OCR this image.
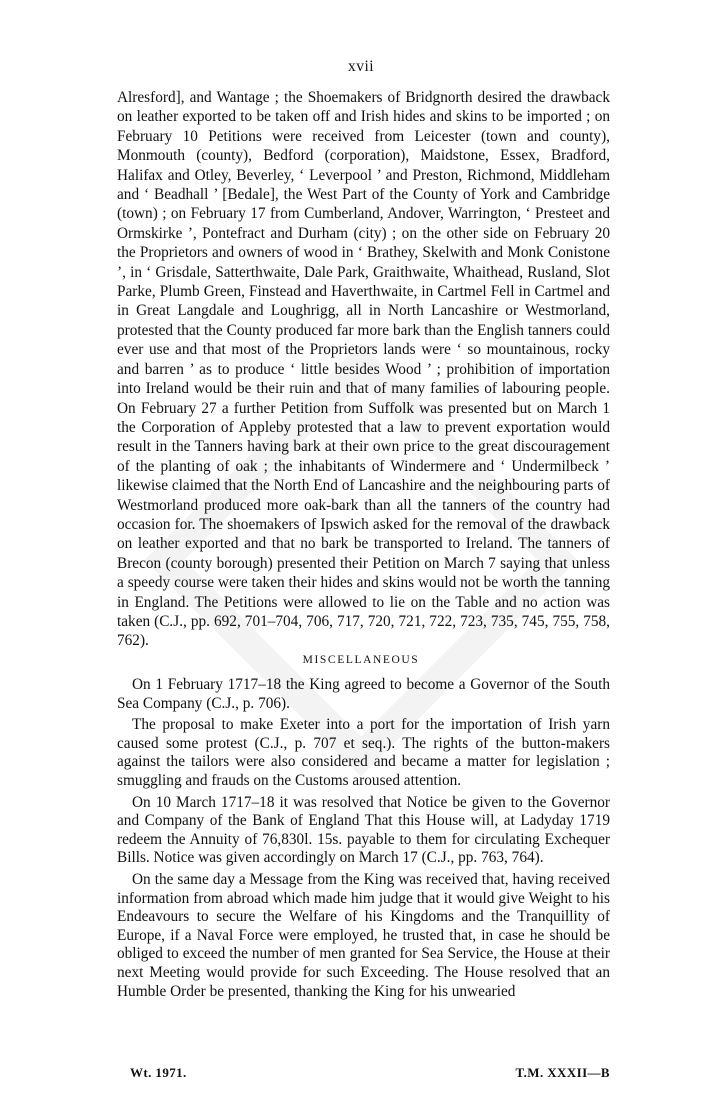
xvii

Alresford], and Wantage ; the Shoemakers of Bridgnorth desired the drawback on leather exported to be taken off and Irish hides and skins to be imported ; on February 10 Petitions were received from Leicester (town and county), Monmouth (county), Bedford (corporation), Maidstone, Essex, Bradford, Halifax and Otley, Beverley, ‘ Leverpool ’ and Preston, Richmond, Middleham and ‘ Beadhall ’ [Bedale], the West Part of the County of York and Cambridge (town) ; on February 17 from Cumberland, Andover, Warrington, ‘ Presteet and Ormskirke ’, Pontefract and Durham (city) ; on the other side on February 20 the Proprietors and owners of wood in ‘ Brathey, Skelwith and Monk Conistone ’, in ‘ Grisdale, Satterthwaite, Dale Park, Graithwaite, Whaithead, Rusland, Slot Parke, Plumb Green, Finstead and Haverthwaite, in Cartmel Fell in Cartmel and in Great Langdale and Loughrigg, all in North Lancashire or Westmorland, protested that the County produced far more bark than the English tanners could ever use and that most of the Proprietors lands were ‘ so mountainous, rocky and barren ’ as to produce ‘ little besides Wood ’ ; prohibition of importation into Ireland would be their ruin and that of many families of labouring people. On February 27 a further Petition from Suffolk was presented but on March 1 the Corporation of Appleby protested that a law to prevent exportation would result in the Tanners having bark at their own price to the great discouragement of the planting of oak ; the inhabitants of Windermere and ‘ Undermilbeck ’ likewise claimed that the North End of Lancashire and the neighbouring parts of Westmorland produced more oak-bark than all the tanners of the country had occasion for. The shoemakers of Ipswich asked for the removal of the drawback on leather exported and that no bark be transported to Ireland. The tanners of Brecon (county borough) presented their Petition on March 7 saying that unless a speedy course were taken their hides and skins would not be worth the tanning in England. The Petitions were allowed to lie on the Table and no action was taken (C.J., pp. 692, 701–704, 706, 717, 720, 721, 722, 723, 735, 745, 755, 758, 762).

MISCELLANEOUS

On 1 February 1717–18 the King agreed to become a Governor of the South Sea Company (C.J., p. 706).

The proposal to make Exeter into a port for the importation of Irish yarn caused some protest (C.J., p. 707 et seq.). The rights of the button-makers against the tailors were also considered and became a matter for legislation ; smuggling and frauds on the Customs aroused attention.

On 10 March 1717–18 it was resolved that Notice be given to the Governor and Company of the Bank of England That this House will, at Ladyday 1719 redeem the Annuity of 76,830l. 15s. payable to them for circulating Exchequer Bills. Notice was given accordingly on March 17 (C.J., pp. 763, 764).

On the same day a Message from the King was received that, having received information from abroad which made him judge that it would give Weight to his Endeavours to secure the Welfare of his Kingdoms and the Tranquillity of Europe, if a Naval Force were employed, he trusted that, in case he should be obliged to exceed the number of men granted for Sea Service, the House at their next Meeting would provide for such Exceeding. The House resolved that an Humble Order be presented, thanking the King for his unwearied

Wt. 1971.	T.M. XXXII—B
